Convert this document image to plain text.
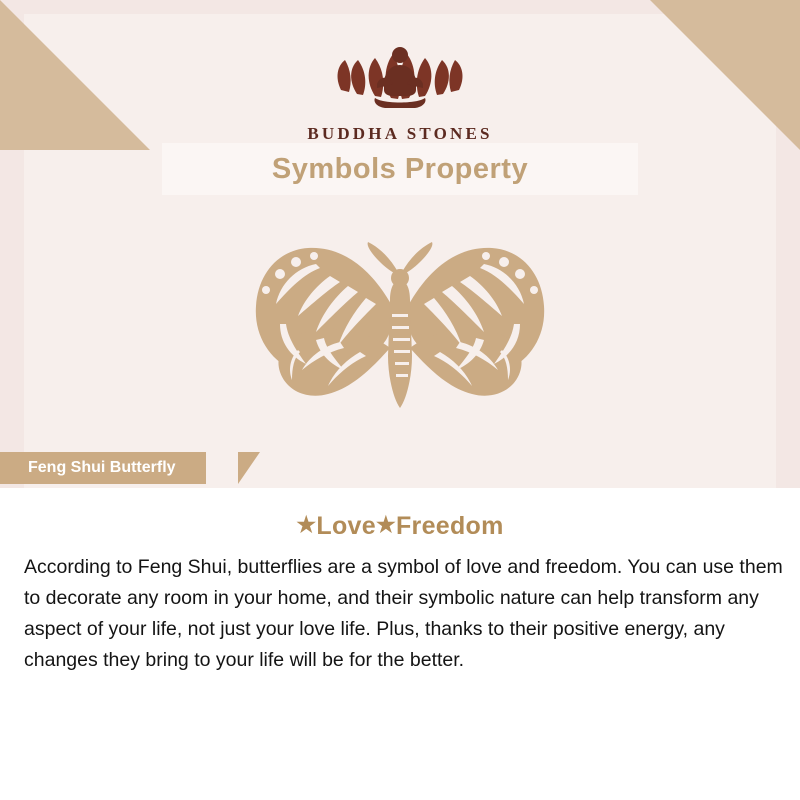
BUDDHA STONES
Symbols Property
Feng Shui Butterfly
★Love★Freedom
According to Feng Shui, butterflies are a symbol of love and freedom. You can use them to decorate any room in your home, and their symbolic nature can help transform any aspect of your life, not just your love life. Plus, thanks to their positive energy, any changes they bring to your life will be for the better.
